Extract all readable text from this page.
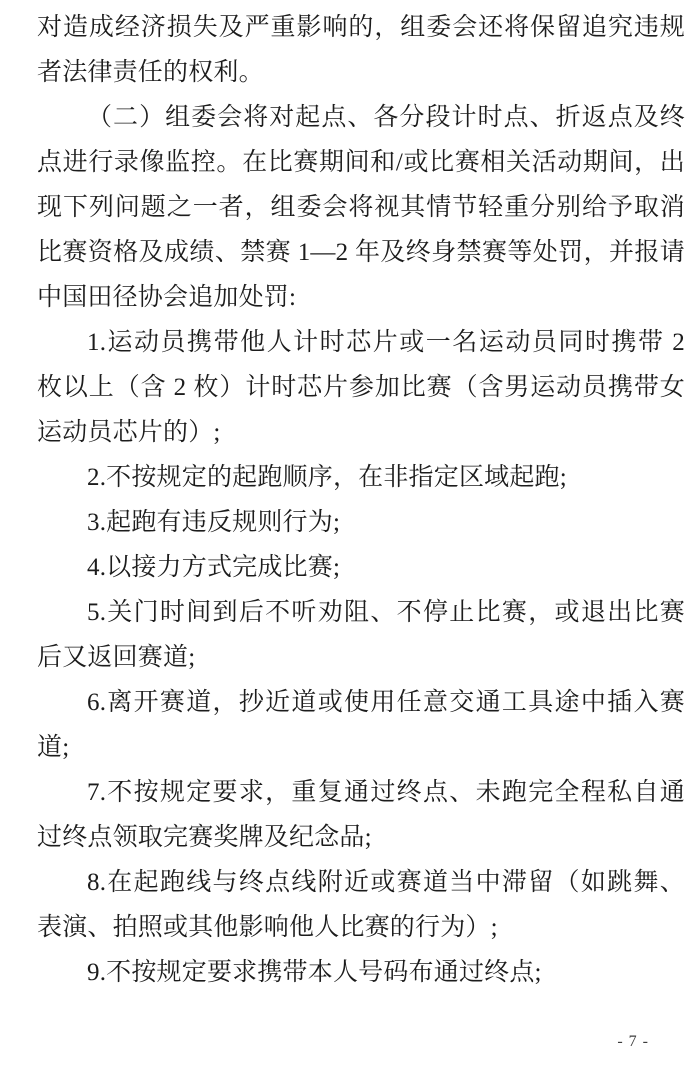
对造成经济损失及严重影响的，组委会还将保留追究违规者法律责任的权利。

（二）组委会将对起点、各分段计时点、折返点及终点进行录像监控。在比赛期间和/或比赛相关活动期间，出现下列问题之一者，组委会将视其情节轻重分别给予取消比赛资格及成绩、禁赛 1—2 年及终身禁赛等处罚，并报请中国田径协会追加处罚:

1.运动员携带他人计时芯片或一名运动员同时携带 2 枚以上（含 2 枚）计时芯片参加比赛（含男运动员携带女运动员芯片的）;

2.不按规定的起跑顺序，在非指定区域起跑;

3.起跑有违反规则行为;

4.以接力方式完成比赛;

5.关门时间到后不听劝阻、不停止比赛，或退出比赛后又返回赛道;

6.离开赛道，抄近道或使用任意交通工具途中插入赛道;

7.不按规定要求，重复通过终点、未跑完全程私自通过终点领取完赛奖牌及纪念品;

8.在起跑线与终点线附近或赛道当中滞留（如跳舞、表演、拍照或其他影响他人比赛的行为）;

9.不按规定要求携带本人号码布通过终点;

- 7 -
